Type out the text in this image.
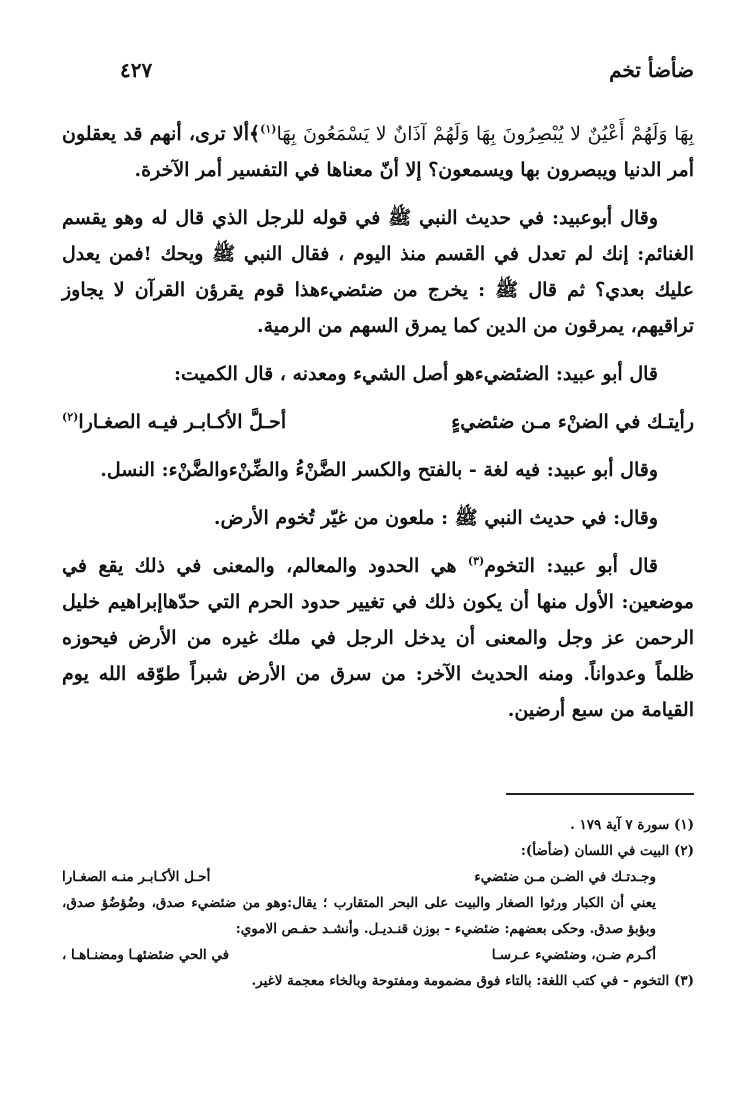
ضأضأ تخم
٤٢٧

بِهَا وَلَهُمْ أَعْيُنٌ لا يُبْصِرُونَ بِهَا وَلَهُمْ آذَانٌ لا يَسْمَعُونَ بِهَا$^{(١)}$﴾ألا ترى، أنهم قد يعقلون أمر الدنيا ويبصرون بها ويسمعون؟ إلا أنّ معناها في التفسير أمر الآخرة.

وقال أبوعبيد: في حديث النبي ﷺ في قوله للرجل الذي قال له وهو يقسم الغنائم: إنك لم تعدل في القسم منذ اليوم ، فقال النبي ﷺ ويحك !فمن يعدل عليك بعدي؟ ثم قال ﷺ : يخرج من ضئضيءهذا قوم يقرؤن القرآن لا يجاوز تراقيهم، يمرقون من الدين كما يمرق السهم من الرمية.

قال أبو عبيد: الضئضيءهو أصل الشيء ومعدنه ، قال الكميت:

رأيتـك في الضنْء مـن ضئضيءٍ
أحـلَّ الأكـابـر فيـه الصغـارا$^{(٢)}$

وقال أبو عبيد: فيه لغة - بالفتح والكسر الضَّنْءُ والضِّنْءوالضَّنْء: النسل.

وقال: في حديث النبي ﷺ : ملعون من غيّر تُخوم الأرض.

قال أبو عبيد: التخوم$^{(٣)}$ هي الحدود والمعالم، والمعنى في ذلك يقع في موضعين: الأول منها أن يكون ذلك في تغيير حدود الحرم التي حدّهاإبراهيم خليل الرحمن عز وجل والمعنى أن يدخل الرجل في ملك غيره من الأرض فيحوزه ظلماً وعدواناً. ومنه الحديث الآخر: من سرق من الأرض شبراً طوّقه الله يوم القيامة من سبع أرضين.

(١) سورة ٧ آية ١٧٩ .

(٢) البيت في اللسان (ضأضأ):

وجـدتـك في الضـن مـن ضئضيء
أحـل الأكـابـر منـه الصغـارا

يعني أن الكبار ورثوا الصغار والبيت على البحر المتقارب ؛ يقال:وهو من ضئضيء صدق، وضُؤضُؤ صدق، وبؤبؤ صدق. وحكى بعضهم: ضئضيء - بوزن قنـديـل. وأنشـد حفـص الاموي:

أكـرم ضـن، وضئضيء عـرسـا
في الحي ضئضئهـا ومضنـاهـا ،

(٣) التخوم - في كتب اللغة: بالتاء فوق مضمومة ومفتوحة وبالخاء معجمة لاغير.
